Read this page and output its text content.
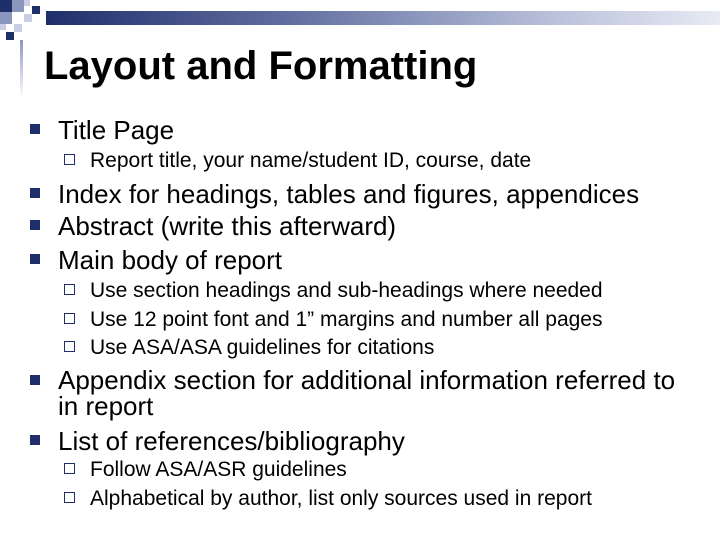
Layout and Formatting
Title Page
Report title, your name/student ID, course, date
Index for headings, tables and figures, appendices
Abstract (write this afterward)
Main body of report
Use section headings and sub-headings where needed
Use 12 point font and 1” margins and number all pages
Use ASA/ASA guidelines for citations
Appendix section for additional information referred to in report
List of references/bibliography
Follow ASA/ASR guidelines
Alphabetical by author, list only sources used in report
